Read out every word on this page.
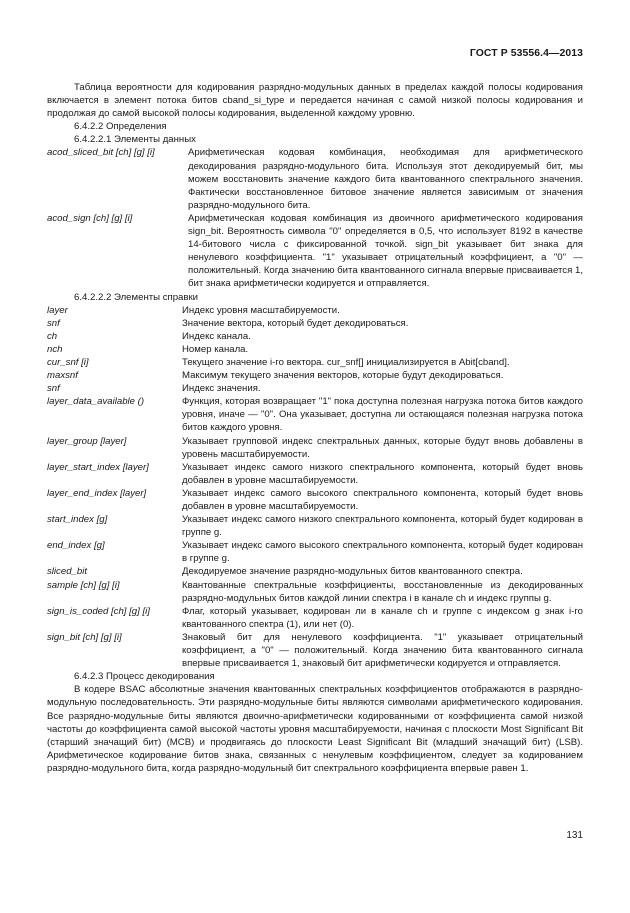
ГОСТ Р 53556.4—2013
Таблица вероятности для кодирования разрядно-модульных данных в пределах каждой полосы кодирования включается в элемент потока битов cband_si_type и передается начиная с самой низкой полосы кодирования и продолжая до самой высокой полосы кодирования, выделенной каждому уровню.
6.4.2.2 Определения
6.4.2.2.1 Элементы данных
acod_sliced_bit [ch] [g] [i]	Арифметическая кодовая комбинация, необходимая для арифметического декодирования разрядно-модульного бита. Используя этот декодируемый бит, мы можем восстановить значение каждого бита квантованного спектрального значения. Фактически восстановленное битовое значение является зависимым от значения разрядно-модульного бита.
acod_sign [ch] [g] [i]	Арифметическая кодовая комбинация из двоичного арифметического кодирования sign_bit. Вероятность символа "0" определяется в 0,5, что использует 8192 в качестве 14-битового числа с фиксированной точкой. sign_bit указывает бит знака для ненулевого коэффициента. "1" указывает отрицательный коэффициент, а "0" — положительный. Когда значению бита квантованного сигнала впервые присваивается 1, бит знака арифметически кодируется и отправляется.
6.4.2.2.2 Элементы справки
layer	Индекс уровня масштабируемости.
snf	Значение вектора, который будет декодироваться.
ch	Индекс канала.
nch	Номер канала.
cur_snf [i]	Текущего значение i-го вектора. cur_snf[] инициализируется в Abit[cband].
maxsnf	Максимум текущего значения векторов, которые будут декодироваться.
snf	Индекс значения.
layer_data_available ()	Функция, которая возвращает "1" пока доступна полезная нагрузка потока битов каждого уровня, иначе — "0". Она указывает, доступна ли остающаяся полезная нагрузка потока битов каждого уровня.
layer_group [layer]	Указывает групповой индекс спектральных данных, которые будут вновь добавлены в уровень масштабируемости.
layer_start_index [layer]	Указывает индекс самого низкого спектрального компонента, который будет вновь добавлен в уровне масштабируемости.
layer_end_index [layer]	Указывает индекс самого высокого спектрального компонента, который будет вновь добавлен в уровне масштабируемости.
start_index [g]	Указывает индекс самого низкого спектрального компонента, который будет кодирован в группе g.
end_index [g]	Указывает индекс самого высокого спектрального компонента, который будет кодирован в группе g.
sliced_bit	Декодируемое значение разрядно-модульных битов квантованного спектра.
sample [ch] [g] [i]	Квантованные спектральные коэффициенты, восстановленные из декодированных разрядно-модульных битов каждой линии спектра i в канале ch и индекс группы g.
sign_is_coded [ch] [g] [i]	Флаг, который указывает, кодирован ли в канале ch и группе с индексом g знак i-го квантованного спектра (1), или нет (0).
sign_bit [ch] [g] [i]	Знаковый бит для ненулевого коэффициента. "1" указывает отрицательный коэффициент, а "0" — положительный. Когда значению бита квантованного сигнала впервые присваивается 1, знаковый бит арифметически кодируется и отправляется.
6.4.2.3 Процесс декодирования
В кодере BSAC абсолютные значения квантованных спектральных коэффициентов отображаются в разрядно-модульную последовательность. Эти разрядно-модульные биты являются символами арифметического кодирования. Все разрядно-модульные биты являются двоично-арифметически кодированными от коэффициента самой низкой частоты до коэффициента самой высокой частоты уровня масштабируемости, начиная с плоскости Most Significant Bit (старший значащий бит) (MCB) и продвигаясь до плоскости Least Significant Bit (младший значащий бит) (LSB). Арифметическое кодирование битов знака, связанных с ненулевым коэффициентом, следует за кодированием разрядно-модульного бита, когда разрядно-модульный бит спектрального коэффициента впервые равен 1.
131
